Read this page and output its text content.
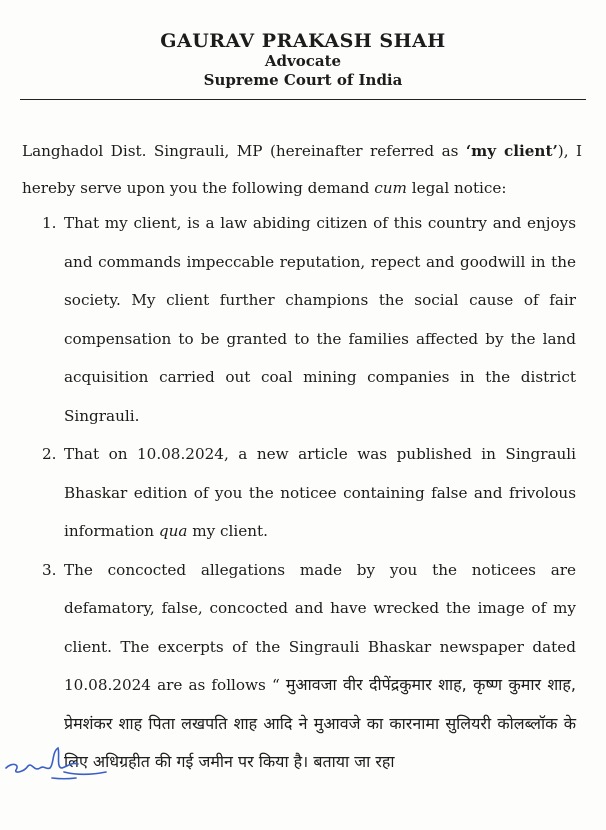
GAURAV PRAKASH SHAH
Advocate
Supreme Court of India

Langhadol Dist. Singrauli, MP (hereinafter referred as ‘my client’), I hereby serve upon you the following demand cum legal notice:

1. That my client, is a law abiding citizen of this country and enjoys and commands impeccable reputation, repect and goodwill in the society. My client further champions the social cause of fair compensation to be granted to the families affected by the land acquisition carried out coal mining companies in the district Singrauli.
2. That on 10.08.2024, a new article was published in Singrauli Bhaskar edition of you the noticee containing false and frivolous information qua my client.
3. The concocted allegations made by you the noticees are defamatory, false, concocted and have wrecked the image of my client. The excerpts of the Singrauli Bhaskar newspaper dated 10.08.2024 are as follows “ मुआवजा वीर दीपेंद्रकुमार शाह, कृष्ण कुमार शाह, प्रेमशंकर शाह पिता लखपति शाह आदि ने मुआवजे का कारनामा सुलियरी कोलब्लॉक के लिए अधिग्रहीत की गई जमीन पर किया है। बताया जा रहा
